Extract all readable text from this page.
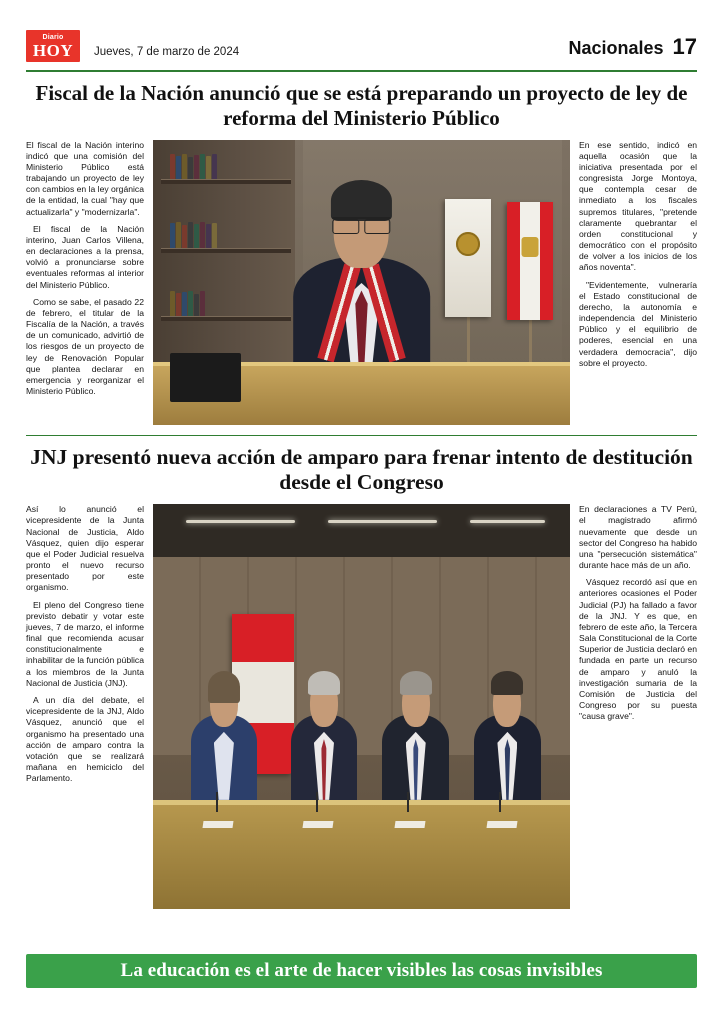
Diario
HOY Jueves, 7 de marzo de 2024	Nacionales 17
Fiscal de la Nación anunció que se está preparando un proyecto de ley de reforma del Ministerio Público

El fiscal de la Nación interino indicó que una comisión del Ministerio Público está trabajando un proyecto de ley con cambios en la ley orgánica de la entidad, la cual "hay que actualizarla" y "modernizarla".

El fiscal de la Nación interino, Juan Carlos Villena, en declaraciones a la prensa, volvió a pronunciarse sobre eventuales reformas al interior del Ministerio Público.

Como se sabe, el pasado 22 de febrero, el titular de la Fiscalía de la Nación, a través de un comunicado, advirtió de los riesgos de un proyecto de ley de Renovación Popular que plantea declarar en emergencia y reorganizar el Ministerio Público.

En ese sentido, indicó en aquella ocasión que la iniciativa presentada por el congresista Jorge Montoya, que contempla cesar de inmediato a los fiscales supremos titulares, "pretende claramente quebrantar el orden constitucional y democrático con el propósito de volver a los inicios de los años noventa".

"Evidentemente, vulneraría el Estado constitucional de derecho, la autonomía e independencia del Ministerio Público y el equilibrio de poderes, esencial en una verdadera democracia", dijo sobre el proyecto.

JNJ presentó nueva acción de amparo para frenar intento de destitución desde el Congreso

Así lo anunció el vicepresidente de la Junta Nacional de Justicia, Aldo Vásquez, quien dijo esperar que el Poder Judicial resuelva pronto el nuevo recurso presentado por este organismo.

El pleno del Congreso tiene previsto debatir y votar este jueves, 7 de marzo, el informe final que recomienda acusar constitucionalmente e inhabilitar de la función pública a los miembros de la Junta Nacional de Justicia (JNJ).

A un día del debate, el vicepresidente de la JNJ, Aldo Vásquez, anunció que el organismo ha presentado una acción de amparo contra la votación que se realizará mañana en hemiciclo del Parlamento.

En declaraciones a TV Perú, el magistrado afirmó nuevamente que desde un sector del Congreso ha habido una "persecución sistemática" durante hace más de un año.

Vásquez recordó así que en anteriores ocasiones el Poder Judicial (PJ) ha fallado a favor de la JNJ. Y es que, en febrero de este año, la Tercera Sala Constitucional de la Corte Superior de Justicia declaró en fundada en parte un recurso de amparo y anuló la investigación sumaria de la Comisión de Justicia del Congreso por su puesta "causa grave".

La educación es el arte de hacer visibles las cosas invisibles
